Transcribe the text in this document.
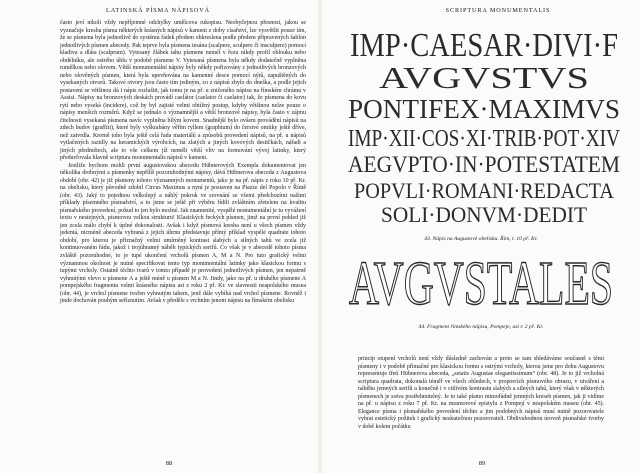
LATINSKÁ PÍSMA NÁPISOVÁ

často jeví nikoli vždy nepříjemné odchylky umělcova rukopisu. Neobyčejnou přesnost, jakou se vyznačuje kresba písma některých krásných nápisů v kameni z doby císařství, lze vysvětlit pouze tím, že se písmena byla jednotlivě do systému řádek předem obkreslena podle předem připravených šablon jednotlivých písmen abecedy. Pak teprve byla písmena tesána (scalpere, sculpere či insculpere) pomocí kladiva a dláta (scalprum). Vytesaný žlábek tahu písmene nemél v řezu nikdy profil oblouku nebo obdélníku, ale ostrého úhlu v podobě písmene V. Vytesaná písmena byla někdy dodatečně vyplněna rumělkou nebo olovem. Větší monumentální nápisy byly někdy pořizovány z jednotlivých bronzových nebo olověných písmen, která byla upevňována na kamenné desce pomocí nýtů, zapuštěných do vysekaných otvorů. Takové otvory jsou často tím jediným, co z nápisů zbylo do dneška, a podle jejich postavení se většinou dá i nápis rozluštit, jak tomu je na př. u zničeného nápisu na římském chrámu v Assisi. Nápisy na bronzových deskách provádí caelátor (caelator či caelator) tak, že písmena do kovu rytí nebo vyseká (incidere), což by byl zajisté velmi obtížný postup, kdyby většinou nelze pouze o nápisy menších rozměrů. Když se jednalo o významnější a větší bronzové nápisy, byla často v zájmu čitelnosti vysekaná písmena navíc vyplněna bílým kovem. Snadnější bylo ovšem provádění nápisů na zdech budov (graffiti), které byly vyškrabány věřím ryllem (graphium) do čerstvé omítky ještě dříve, než zatvrdla. Kromě toho byla ještě celá řada materiálů a způsobů provedení nápisů, na př. u nápisů vytlačených razidly na keramických výrobcích, na zlatých a jiných kovových destičkách, nářadí a jiných předmětech, ale to vše celkem jíž neměli větší vliv na formování vývoj latinky, který předurčovala hlavně scriptura monumentalis nápisů v kameni.

Jestliže bychom mohli první augustovskou abecedu Hübnerových Exempla dokumentovat jen několika drobnými a písmenky nepřílíš pozoruhodnými nápisy, dává Hübnerova abeceda z Augustova období (obr. 42) je již písmeny tohoto významných monumentů, jako je na př. nápis z roku 10 př. Kr. na obelisku, který původně zdobil Circus Maximus a nyní je postaven na Piazze del Popolo v Římě (obr. 43). Jaký to pojednou velkolepý a náhlý pokrok ve srovnání se všemi předchozími našimi příklady písemného písmařství, a to jsme se ještě při výběru řídili zvláštním zřetelem na kvalitu písmařského provedení, pokud to jen bylo možné. Jak znamenité, vyspělé monumentální je tu vyvážení textu v nestejných, písmovou velkou strukturu! Klasických řeckých písmen, jimž na první pohled již jen zcela málo chybí k úplné dokonalosti. Avšak i když písmová kresba není u všech písmen vždy jedentá, nicméně abeceda vybraná z jejich úhrnu představuje přímý příklad vyspělé quadrate tohoto období, pro kterou je příznačný velmi umírněný kontrast slabých a silných tahů ve zcela již kontinuovaném řádu, jakož i trojúhranný náběh typických serifů. Co však je v abecedě tohoto písma zvláště pozoruhodné, to je tupé ukončení vrcholů písmen A, M a N. Pro tuto grafický velmi významnou okolnost je nutné specifikovat tento typ monumentální latinky jako klasickou formu s tupými vrcholy. Ostatně těchto tvarů v tomto případě je provedení jednotlivých písmen, jen nepatrně vyhnutými vlevo u písmene A a ještě méně u písmen M a N. Jindy, jako na př. u druhého písmene A pompejského fragmentu velmi krásného nápisu asi z roku 2 př. Kr. ve slavnosti neapolského musea (obr. 44), je vrchol písmene tvořen vyhnutým tahem, jenž dále vybíhá nad vrchol písmene. Rovněž i jinde dochován pouhým seříznutím. Avšak v předěle s vrchním jenom nápisu na římském obelisku

88
SCRIPTURA MONUMENTALIS
IMP·CAESAR·DIVI·F
AVGVSTVS
PONTIFEX·MAXIMVS
IMP·XII·COS·XI·TRIB·POT·XIV
AEGVPTO·IN·POTESTATEM
POPVLI·ROMANI·REDACTA
SOLI·DONVM·DEDIT
43. Nápis na Augustově obelisku. Řím, r. 10 př. Kr.
AVGVSTALES
44. Fragment římského nápisu, Pompeje, asi r. 2 př. Kr.

princip otupení vrcholů není vždy důsledně zachován a proto se tam shledáváme současně s těmi písmeny i v podobě přímačné pro klasickou formu s ostrými vrcholy, kterou jsme pro dobu Augustovu representuje třetí Hübnerova abeceda, „setatis Augustae elegantissimum“ (obr. 48). Je to již vrcholná scriptura quadrata, dokonalá téměř ve všech ohledech, v proporcích písmového obrazu, v utváření a náběhu jemných serifů a konečně i v citlivém kontrastu slabých a silných tahů, který však v některých písmenech je sotva postřehnutelný. Je to také písmo mimořádně jemných kreseb písmen, jak ji vidíme na př. u nápisu z roku 7 př. Kr. na mramorové epistylu z Pompejí v neapolském museu (obr. 45). Elegance písma i písmařského provedení těchto a jim podobných nápisů musí nutně pozorovatele vybrat estetický požitek i grafický neskutečnou pozorovateli. Obdivuhodnou úroveň písmařské tvorby v době kolem počátku

89
